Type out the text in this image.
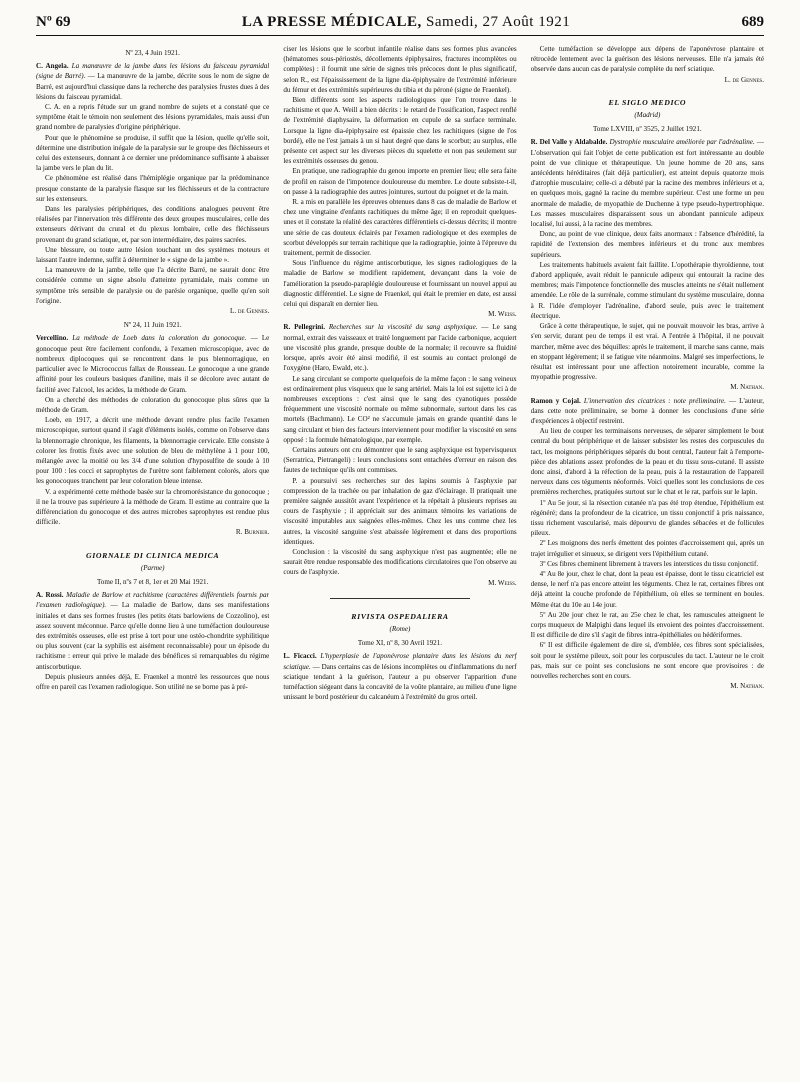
Nº 69	LA PRESSE MÉDICALE, Samedi, 27 Août 1921	689

Nº 23, 4 Juin 1921.

C. Angela. La manœuvre de la jambe dans les lésions du faisceau pyramidal (signe de Barré). — La manœuvre de la jambe, décrite sous le nom de signe de Barré, est aujourd'hui classique dans la recherche des paralysies frustes dues à des lésions du faisceau pyramidal.

C. A. en a repris l'étude sur un grand nombre de sujets et a constaté que ce symptôme était le témoin non seulement des lésions pyramidales, mais aussi d'un grand nombre de paralysies d'origine périphérique.

Pour que le phénomène se produise, il suffit que la lésion, quelle qu'elle soit, détermine une distribution inégale de la paralysie sur le groupe des fléchisseurs et celui des extenseurs, donnant à ce dernier une prédominance suffisante à abaisser la jambe vers le plan du lit.

Ce phénomène est réalisé dans l'hémiplégie organique par la prédominance presque constante de la paralysie flasque sur les fléchisseurs et de la contracture sur les extenseurs.

Dans les paralysies périphériques, des conditions analogues peuvent être réalisées par l'innervation très différente des deux groupes musculaires, celle des extenseurs dérivant du crural et du plexus lombaire, celle des fléchisseurs provenant du grand sciatique, et, par son intermédiaire, des paires sacrées.

Une blessure, ou toute autre lésion touchant un des systèmes moteurs et laissant l'autre indemne, suffit à déterminer le « signe de la jambe ».

La manœuvre de la jambe, telle que l'a décrite Barré, ne saurait donc être considérée comme un signe absolu d'atteinte pyramidale, mais comme un symptôme très sensible de paralysie ou de parésie organique, quelle qu'en soit l'origine.

L. de Gennes.

Nº 24, 11 Juin 1921.

Vercellino. La méthode de Loeb dans la coloration du gonocoque. — Le gonocoque peut être facilement confondu, à l'examen microscopique, avec de nombreux diplocoques qui se rencontrent dans le pus blennorragique, en particulier avec le Micrococcus fallax de Rousseau. Le gonocoque a une grande affinité pour les couleurs basiques d'aniline, mais il se décolore avec autant de facilité avec l'alcool, les acides, la méthode de Gram.

On a cherché des méthodes de coloration du gonocoque plus sûres que la méthode de Gram.

Loeb, en 1917, a décrit une méthode devant rendre plus facile l'examen microscopique, surtout quand il s'agit d'éléments isolés, comme on l'observe dans la blennorragie chronique, les filaments, la blennorragie cervicale. Elle consiste à colorer les frottis fixés avec une solution de bleu de méthylène à 1 pour 100, mélangée avec la moitié ou les 3/4 d'une solution d'hyposulfite de soude à 10 pour 100 : les cocci et saprophytes de l'urètre sont faiblement colorés, alors que les gonocoques tranchent par leur coloration bleue intense.

V. a expérimenté cette méthode basée sur la chromorésistance du gonocoque ; il ne la trouve pas supérieure à la méthode de Gram. Il estime au contraire que la différenciation du gonocoque et des autres microbes saprophytes est rendue plus difficile.

R. Burnier.

GIORNALE DI CLINICA MEDICA

(Parme)

Tome II, nºs 7 et 8, 1er et 20 Mai 1921.

A. Rossi. Maladie de Barlow et rachitisme (caractères différentiels fournis par l'examen radiologique). — La maladie de Barlow, dans ses manifestations initiales et dans ses formes frustes (les petits états barlowiens de Cozzolino), est assez souvent méconnue. Parce qu'elle donne lieu à une tuméfaction douloureuse des extrémités osseuses, elle est prise à tort pour une ostéo-chondrite syphilitique ou plus souvent (car la syphilis est aisément reconnaissable) pour un épisode du rachitisme : erreur qui prive le malade des bénéfices si remarquables du régime antiscorbutique.

Depuis plusieurs années déjà, E. Fraenkel a montré les ressources que nous offre en pareil cas l'examen radiologique. Son utilité ne se borne pas à pré-

ciser les lésions que le scorbut infantile réalise dans ses formes plus avancées (hématomes sous-périostés, décollements épiphysaires, fractures incomplètes ou complètes) : il fournit une série de signes très précoces dont le plus significatif, selon R., est l'épaississement de la ligne dia-épiphysaire de l'extrémité inférieure du fémur et des extrémités supérieures du tibia et du péroné (signe de Fraenkel).

Bien différents sont les aspects radiologiques que l'on trouve dans le rachitisme et que A. Weill a bien décrits : le retard de l'ossification, l'aspect renflé de l'extrémité diaphysaire, la déformation en cupule de sa surface terminale. Lorsque la ligne dia-épiphysaire est épaissie chez les rachitiques (signe de l'os bordé), elle ne l'est jamais à un si haut degré que dans le scorbut; au surplus, elle présente cet aspect sur les diverses pièces du squelette et non pas seulement sur les extrémités osseuses du genou.

En pratique, une radiographie du genou importe en premier lieu; elle sera faite de profil en raison de l'impotence douloureuse du membre. Le doute subsiste-t-il, on passe à la radiographie des autres jointures, surtout du poignet et de la main.

R. a mis en parallèle les épreuves obtenues dans 8 cas de maladie de Barlow et chez une vingtaine d'enfants rachitiques du même âge; il en reproduit quelques-unes et il constate la réalité des caractères différentiels ci-dessus décrits; il montre une série de cas douteux éclairés par l'examen radiologique et des exemples de scorbut développés sur terrain rachitique que la radiographie, jointe à l'épreuve du traitement, permit de dissocier.

Sous l'influence du régime antiscorbutique, les signes radiologiques de la maladie de Barlow se modifient rapidement, devançant dans la voie de l'amélioration la pseudo-paraplégie douloureuse et fournissant un nouvel appui au diagnostic différentiel. Le signe de Fraenkel, qui était le premier en date, est aussi celui qui disparaît en dernier lieu.

M. Weiss.

R. Pellegrini. Recherches sur la viscosité du sang asphyxique. — Le sang normal, extrait des vaisseaux et traité longuement par l'acide carbonique, acquiert une viscosité plus grande, presque double de la normale; il recouvre sa fluidité lorsque, après avoir été ainsi modifié, il est soumis au contact prolongé de l'oxygène (Haro, Ewald, etc.).

Le sang circulant se comporte quelquefois de la même façon : le sang veineux est ordinairement plus visqueux que le sang artériel. Mais la loi est sujette ici à de nombreuses exceptions : c'est ainsi que le sang des cyanotiques possède fréquemment une viscosité normale ou même subnormale, surtout dans les cas mortels (Bachmann). Le CO² ne s'accumule jamais en grande quantité dans le sang circulant et bien des facteurs interviennent pour modifier la viscosité en sens opposé : la formule hématologique, par exemple.

Certains auteurs ont cru démontrer que le sang asphyxique est hypervisqueux (Serratrica, Pietrangeli) : leurs conclusions sont entachées d'erreur en raison des fautes de technique qu'ils ont commises.

P. a poursuivi ses recherches sur des lapins soumis à l'asphyxie par compression de la trachée ou par inhalation de gaz d'éclairage. Il pratiquait une première saignée aussitôt avant l'expérience et la répétait à plusieurs reprises au cours de l'asphyxie ; il appréciait sur des animaux témoins les variations de viscosité imputables aux saignées elles-mêmes. Chez les uns comme chez les autres, la viscosité sanguine s'est abaissée légèrement et dans des proportions identiques.

Conclusion : la viscosité du sang asphyxique n'est pas augmentée; elle ne saurait être rendue responsable des modifications circulatoires que l'on observe au cours de l'asphyxie.

M. Weiss.

RIVISTA OSPEDALIERA

(Rome)

Tome XI, nº 8, 30 Avril 1921.

L. Ficacci. L'hyperplasie de l'aponévrose plantaire dans les lésions du nerf sciatique. — Dans certains cas de lésions incomplètes ou d'inflammations du nerf sciatique tendant à la guérison, l'auteur a pu observer l'apparition d'une tuméfaction siégeant dans la concavité de la voûte plantaire, au milieu d'une ligne unissant le bord postérieur du calcanéum à l'extrémité du gros orteil.

Cette tuméfaction se développe aux dépens de l'aponévrose plantaire et rétrocède lentement avec la guérison des lésions nerveuses. Elle n'a jamais été observée dans aucun cas de paralysie complète du nerf sciatique.

L. de Gennes.

EL SIGLO MEDICO

(Madrid)

Tome LXVIII, nº 3525, 2 Juillet 1921.

R. Del Valle y Aldabalde. Dystrophie musculaire améliorée par l'adrénaline. — L'observation qui fait l'objet de cette publication est fort intéressante au double point de vue clinique et thérapeutique. Un jeune homme de 20 ans, sans antécédents héréditaires (fait déjà particulier), est atteint depuis quatorze mois d'atrophie musculaire; celle-ci a débuté par la racine des membres inférieurs et a, en quelques mois, gagné la racine du membre supérieur. C'est une forme un peu anormale de maladie, de myopathie de Duchenne à type pseudo-hypertrophique. Les masses musculaires disparaissent sous un abondant pannicule adipeux localisé, lui aussi, à la racine des membres.

Donc, au point de vue clinique, deux faits anormaux : l'absence d'hérédité, la rapidité de l'extension des membres inférieurs et du tronc aux membres supérieurs.

Les traitements habituels avaient fait faillite. L'opothérapie thyroïdienne, tout d'abord appliquée, avait réduit le pannicule adipeux qui entourait la racine des membres; mais l'impotence fonctionnelle des muscles atteints ne s'était nullement amendée. Le rôle de la surrénale, comme stimulant du système musculaire, donna à R. l'idée d'employer l'adrénaline, d'abord seule, puis avec le traitement électrique.

Grâce à cette thérapeutique, le sujet, qui ne pouvait mouvoir les bras, arrive à s'en servir, durant peu de temps il est vrai. A l'entrée à l'hôpital, il ne pouvait marcher, même avec des béquilles: après le traitement, il marche sans canne, mais en stoppant légèrement; il se fatigue vite néanmoins. Malgré ses imperfections, le résultat est intéressant pour une affection notoirement incurable, comme la myopathie progressive.

M. Nathan.

Ramon y Cojal. L'innervation des cicatrices : note préliminaire. — L'auteur, dans cette note préliminaire, se borne à donner les conclusions d'une série d'expériences à objectif restreint.

Au lieu de couper les terminaisons nerveuses, de séparer simplement le bout central du bout périphérique et de laisser subsister les restes des corpuscules du tact, les moignons périphériques séparés du bout central, l'auteur fait à l'emporte-pièce des ablations assez profondes de la peau et du tissu sous-cutané. Il assiste donc ainsi, d'abord à la réfection de la peau, puis à la restauration de l'appareil nerveux dans ces téguments néoformés. Voici quelles sont les conclusions de ces premières recherches, pratiquées surtout sur le chat et le rat, parfois sur le lapin.

1º Au 5e jour, si la résection cutanée n'a pas été trop étendue, l'épithélium est régénéré; dans la profondeur de la cicatrice, un tissu conjonctif à pris naissance, tissu richement vascularisé, mais dépourvu de glandes sébacées et de follicules pileux.

2º Les moignons des nerfs émettent des pointes d'accroissement qui, après un trajet irrégulier et sinueux, se dirigent vers l'épithélium cutané.

3º Ces fibres cheminent librement à travers les interstices du tissu conjonctif.

4º Au 8e jour, chez le chat, dont la peau est épaisse, dont le tissu cicatriciel est dense, le nerf n'a pas encore atteint les téguments. Chez le rat, certaines fibres ont déjà atteint la couche profonde de l'épithélium, où elles se terminent en boules. Même état du 10e au 14e jour.

5º Au 20e jour chez le rat, au 25e chez le chat, les ramuscules atteignent le corps muqueux de Malpighi dans lequel ils envoient des pointes d'accroissement. Il est difficile de dire s'il s'agit de fibres intra-épithéliales ou hédériformes.

6º Il est difficile également de dire si, d'emblée, ces fibres sont spécialisées, soit pour le système pileux, soit pour les corpuscules du tact. L'auteur ne le croit pas, mais sur ce point ses conclusions ne sont encore que provisoires : de nouvelles recherches sont en cours.

M. Nathan.
